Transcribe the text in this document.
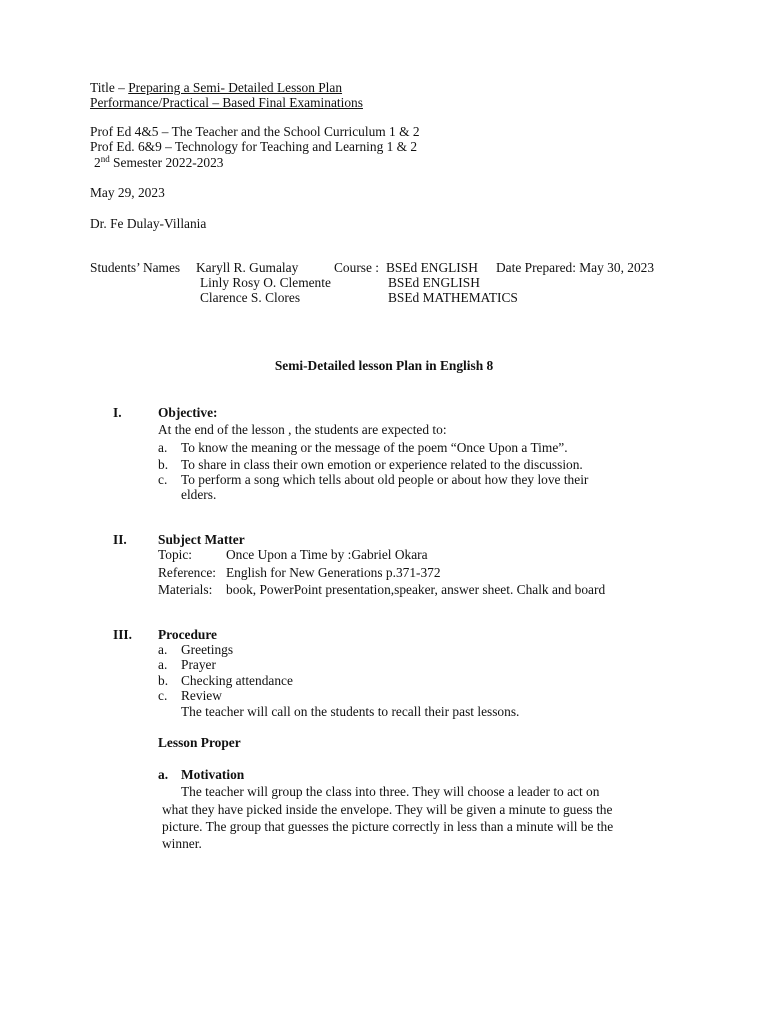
Title – Preparing a Semi- Detailed Lesson Plan
Performance/Practical – Based Final Examinations
Prof Ed 4&5 – The Teacher and the School Curriculum 1 & 2
Prof Ed. 6&9 – Technology for Teaching and Learning 1 & 2
2nd Semester 2022-2023
May 29, 2023
Dr. Fe Dulay-Villania
Students’ Names Karyll R. Gumalay	Course : BSEd ENGLISH Date Prepared: May 30, 2023
Linly Rosy O. Clemente	BSEd ENGLISH
Clarence S. Clores	BSEd MATHEMATICS
Semi-Detailed lesson Plan in English 8
I.	Objective:
At the end of the lesson , the students are expected to:
a. To know the meaning or the message of the poem “Once Upon a Time”.
b. To share in class their own emotion or experience related to the discussion.
c. To perform a song which tells about old people or about how they love their
elders.
II. Subject Matter
Topic:	Once Upon a Time by :Gabriel Okara
Reference: English for New Generations p.371-372
Materials: book, PowerPoint presentation,speaker, answer sheet. Chalk and board
III. Procedure
a. Greetings
a. Prayer
b. Checking attendance
c. Review
The teacher will call on the students to recall their past lessons.
Lesson Proper
a. Motivation
The teacher will group the class into three. They will choose a leader to act on
what they have picked inside the envelope. They will be given a minute to guess the
picture. The group that guesses the picture correctly in less than a minute will be the
winner.
